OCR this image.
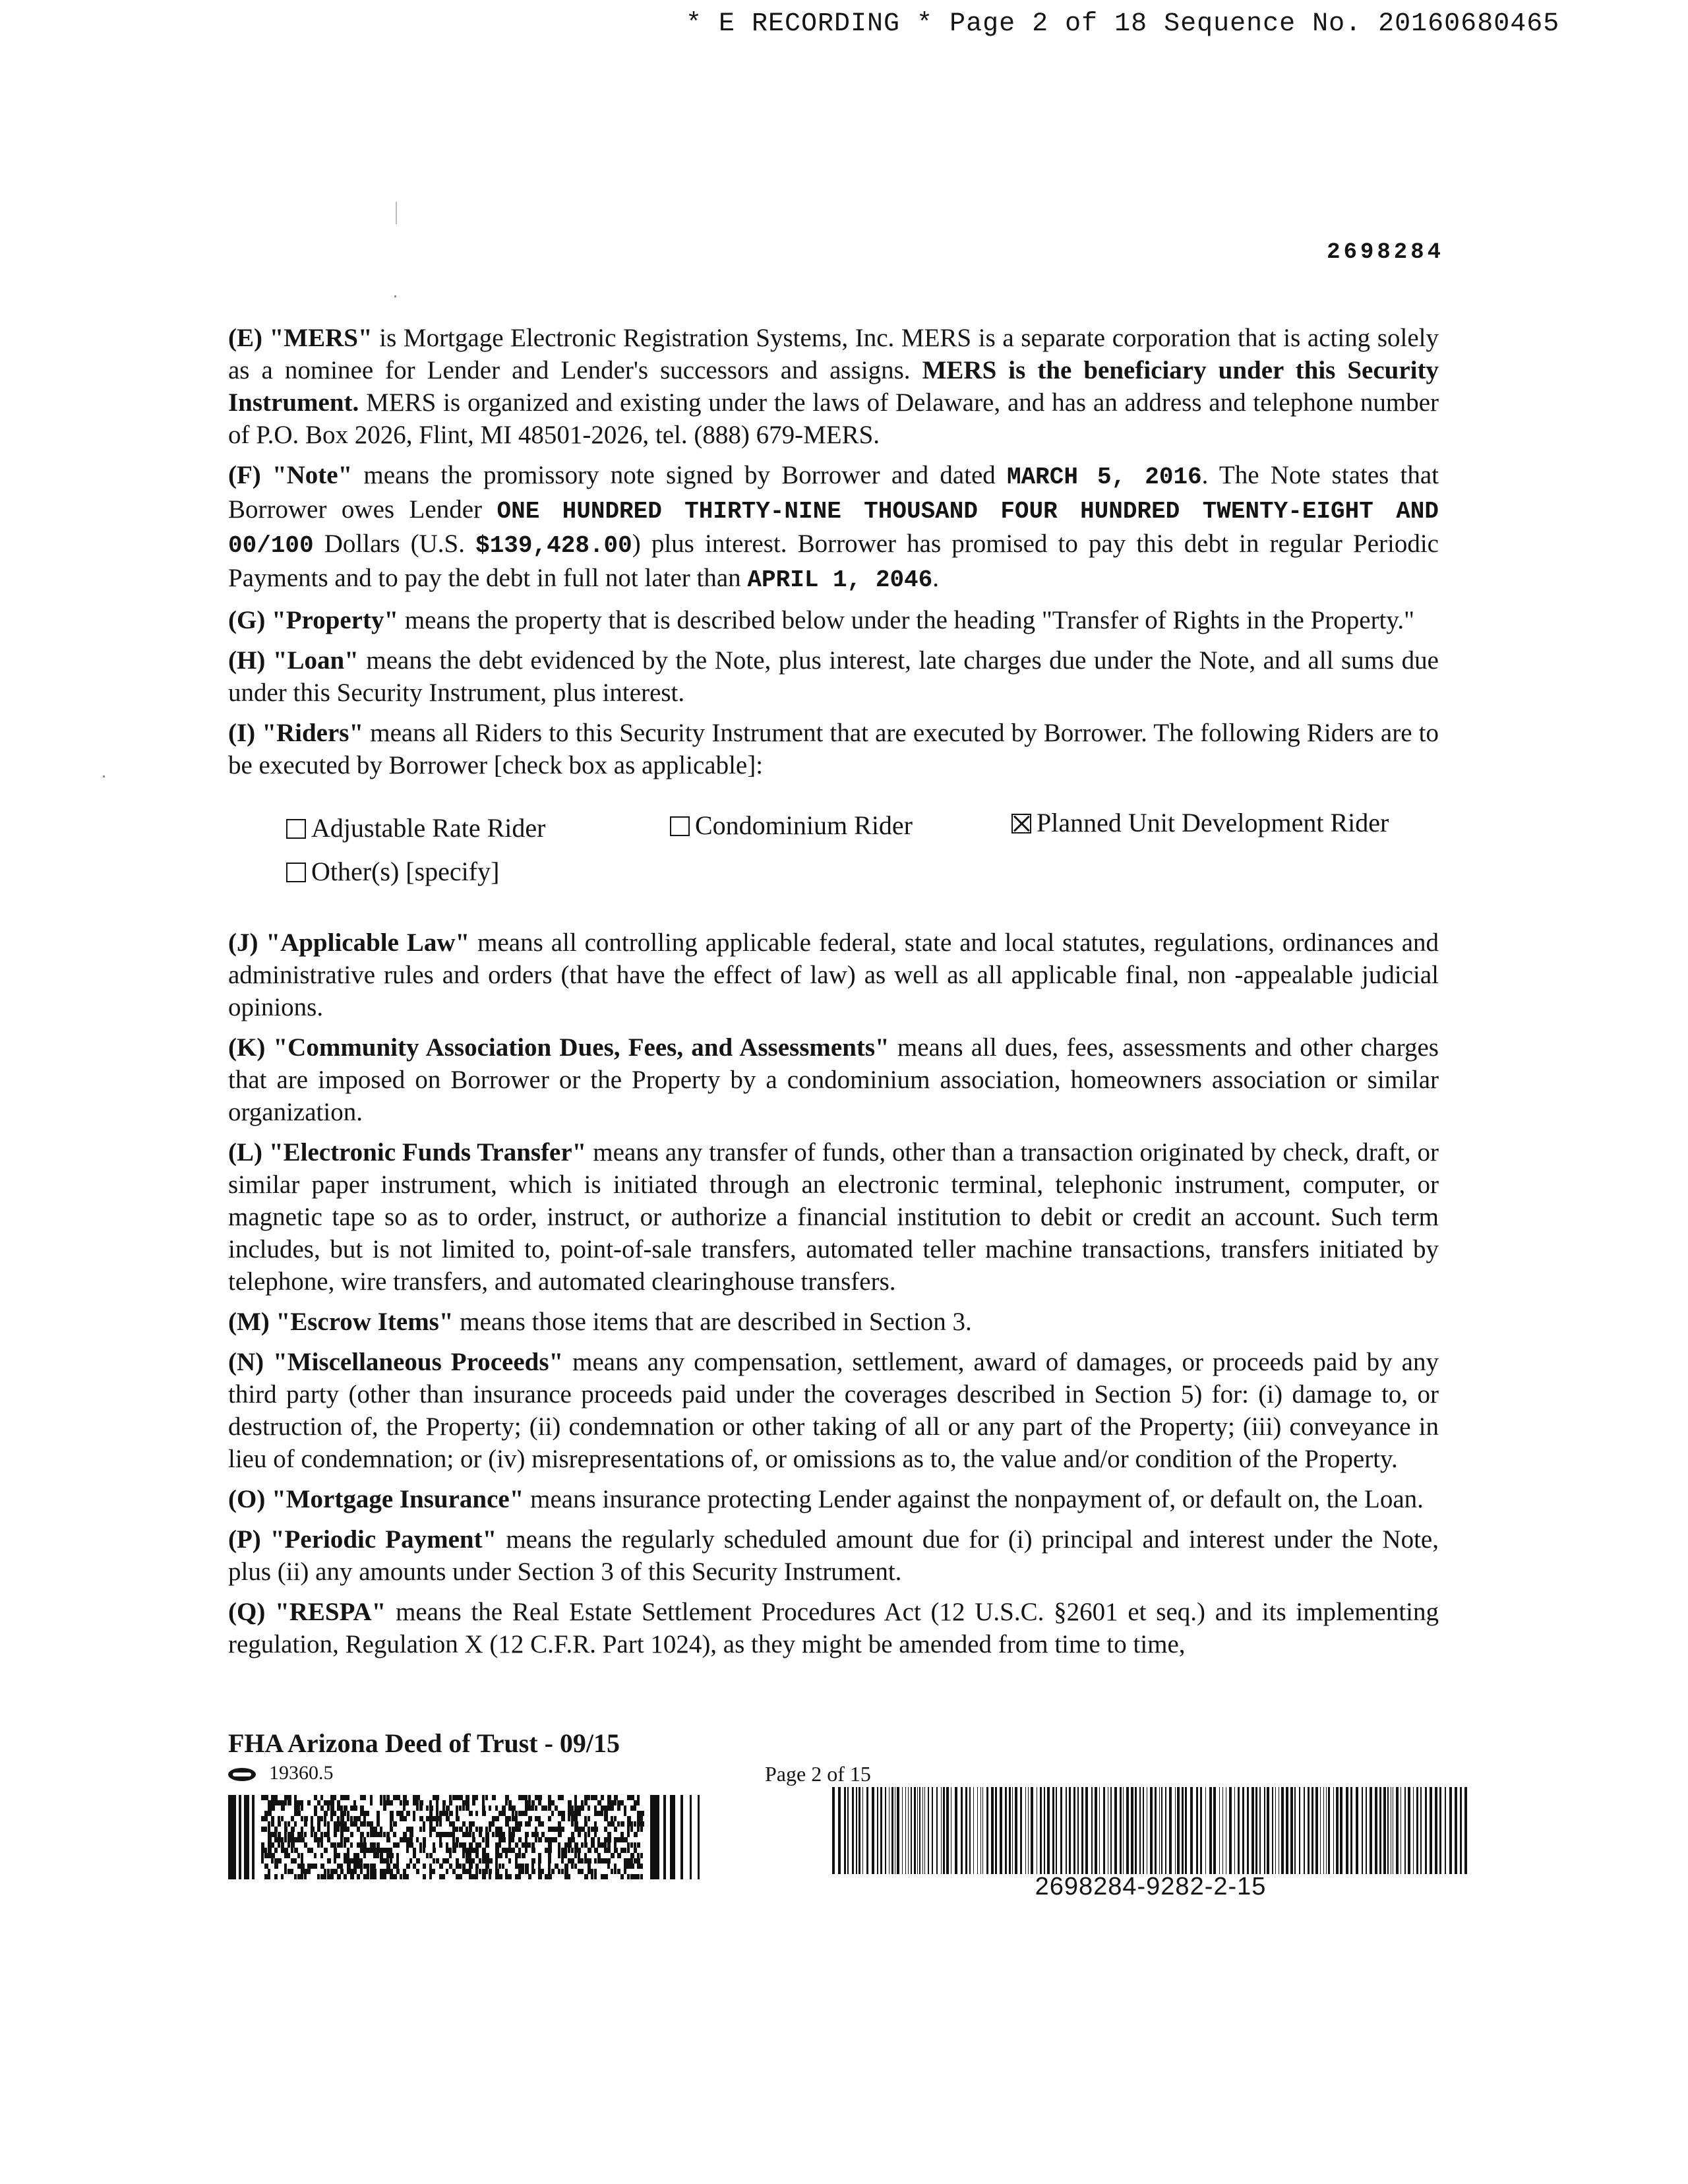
* E RECORDING * Page 2 of 18 Sequence No. 20160680465
2698284

(E) "MERS" is Mortgage Electronic Registration Systems, Inc. MERS is a separate corporation that is acting solely as a nominee for Lender and Lender's successors and assigns. MERS is the beneficiary under this Security Instrument. MERS is organized and existing under the laws of Delaware, and has an address and telephone number of P.O. Box 2026, Flint, MI 48501-2026, tel. (888) 679-MERS.

(F) "Note" means the promissory note signed by Borrower and dated MARCH 5, 2016. The Note states that Borrower owes Lender ONE HUNDRED THIRTY-NINE THOUSAND FOUR HUNDRED TWENTY-EIGHT AND 00/100 Dollars (U.S. $139,428.00) plus interest. Borrower has promised to pay this debt in regular Periodic Payments and to pay the debt in full not later than APRIL 1, 2046.

(G) "Property" means the property that is described below under the heading "Transfer of Rights in the Property."

(H) "Loan" means the debt evidenced by the Note, plus interest, late charges due under the Note, and all sums due under this Security Instrument, plus interest.

(I) "Riders" means all Riders to this Security Instrument that are executed by Borrower. The following Riders are to be executed by Borrower [check box as applicable]:

Adjustable Rate Rider	Condominium Rider	Planned Unit Development Rider
Other(s) [specify]

(J) "Applicable Law" means all controlling applicable federal, state and local statutes, regulations, ordinances and administrative rules and orders (that have the effect of law) as well as all applicable final, non -appealable judicial opinions.

(K) "Community Association Dues, Fees, and Assessments" means all dues, fees, assessments and other charges that are imposed on Borrower or the Property by a condominium association, homeowners association or similar organization.

(L) "Electronic Funds Transfer" means any transfer of funds, other than a transaction originated by check, draft, or similar paper instrument, which is initiated through an electronic terminal, telephonic instrument, computer, or magnetic tape so as to order, instruct, or authorize a financial institution to debit or credit an account. Such term includes, but is not limited to, point-of-sale transfers, automated teller machine transactions, transfers initiated by telephone, wire transfers, and automated clearinghouse transfers.

(M) "Escrow Items" means those items that are described in Section 3.

(N) "Miscellaneous Proceeds" means any compensation, settlement, award of damages, or proceeds paid by any third party (other than insurance proceeds paid under the coverages described in Section 5) for: (i) damage to, or destruction of, the Property; (ii) condemnation or other taking of all or any part of the Property; (iii) conveyance in lieu of condemnation; or (iv) misrepresentations of, or omissions as to, the value and/or condition of the Property.

(O) "Mortgage Insurance" means insurance protecting Lender against the nonpayment of, or default on, the Loan.

(P) "Periodic Payment" means the regularly scheduled amount due for (i) principal and interest under the Note, plus (ii) any amounts under Section 3 of this Security Instrument.

(Q) "RESPA" means the Real Estate Settlement Procedures Act (12 U.S.C. §2601 et seq.) and its implementing regulation, Regulation X (12 C.F.R. Part 1024), as they might be amended from time to time,

FHA Arizona Deed of Trust - 09/15
19360.5	Page 2 of 15
2698284-9282-2-15
